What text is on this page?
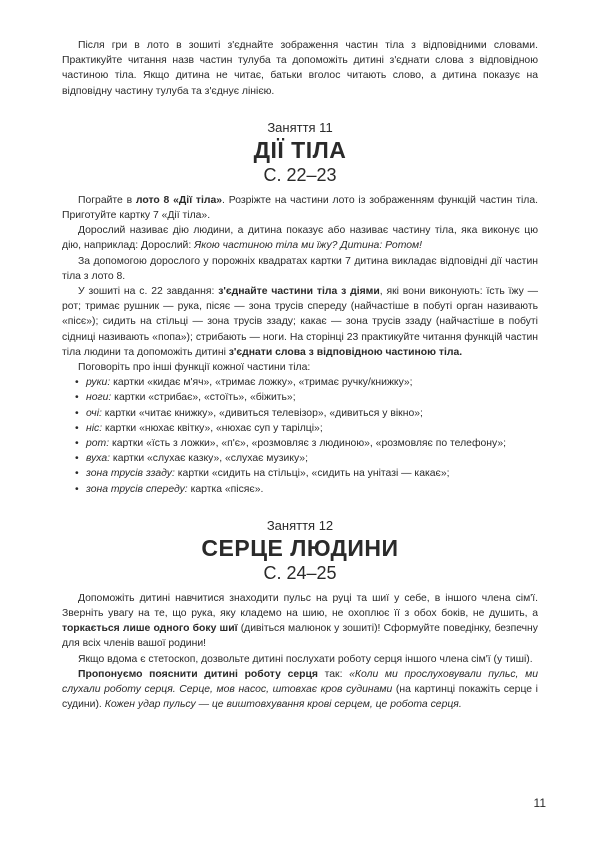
Після гри в лото в зошиті з'єднайте зображення частин тіла з відповідними словами. Практикуйте читання назв частин тулуба та допоможіть дитині з'єднати слова з відповідною частиною тіла. Якщо дитина не читає, батьки вголос читають слово, а дитина показує на відповідну частину тулуба та з'єднує лінією.

Заняття 11
ДІЇ ТІЛА
С. 22–23

Пограйте в лото 8 «Дії тіла». Розріжте на частини лото із зображенням функцій частин тіла. Приготуйте картку 7 «Дії тіла».

Дорослий називає дію людини, а дитина показує або називає частину тіла, яка виконує цю дію, наприклад: Дорослий: Якою частиною тіла ми їжу? Дитина: Ротом!

За допомогою дорослого у порожніх квадратах картки 7 дитина викладає відповідні дії частин тіла з лото 8.

У зошиті на с. 22 завдання: з'єднайте частини тіла з діями, які вони виконують: їсть їжу — рот; тримає рушник — рука, пісяє — зона трусів спереду (найчастіше в побуті орган називають «пісє»); сидить на стільці — зона трусів ззаду; какає — зона трусів ззаду (найчастіше в побуті сідниці називають «попа»); стрибають — ноги. На сторінці 23 практикуйте читання функцій частин тіла людини та допоможіть дитині з'єднати слова з відповідною частиною тіла.

Поговоріть про інші функції кожної частини тіла:

• руки: картки «кидає м'яч», «тримає ложку», «тримає ручку/книжку»;
• ноги: картки «стрибає», «стоїть», «біжить»;
• очі: картки «читає книжку», «дивиться телевізор», «дивиться у вікно»;
• ніс: картки «нюхає квітку», «нюхає суп у тарілці»;
• рот: картки «їсть з ложки», «п'є», «розмовляє з людиною», «розмовляє по телефону»;
• вуха: картки «слухає казку», «слухає музику»;
• зона трусів ззаду: картки «сидить на стільці», «сидить на унітазі — какає»;
• зона трусів спереду: картка «пісяє».
Заняття 12
СЕРЦЕ ЛЮДИНИ
С. 24–25

Допоможіть дитині навчитися знаходити пульс на руці та шиї у себе, в іншого члена сім'ї. Зверніть увагу на те, що рука, яку кладемо на шию, не охоплює її з обох боків, не душить, а торкається лише одного боку шиї (дивіться малюнок у зошиті)! Сформуйте поведінку, безпечну для всіх членів вашої родини!

Якщо вдома є стетоскоп, дозвольте дитині послухати роботу серця іншого члена сім'ї (у тиші).

Пропонуємо пояснити дитині роботу серця так: «Коли ми прослуховували пульс, ми слухали роботу серця. Серце, мов насос, штовхає кров судинами (на картинці покажіть серце і судини). Кожен удар пульсу — це виштовхування крові серцем, це робота серця.

11
